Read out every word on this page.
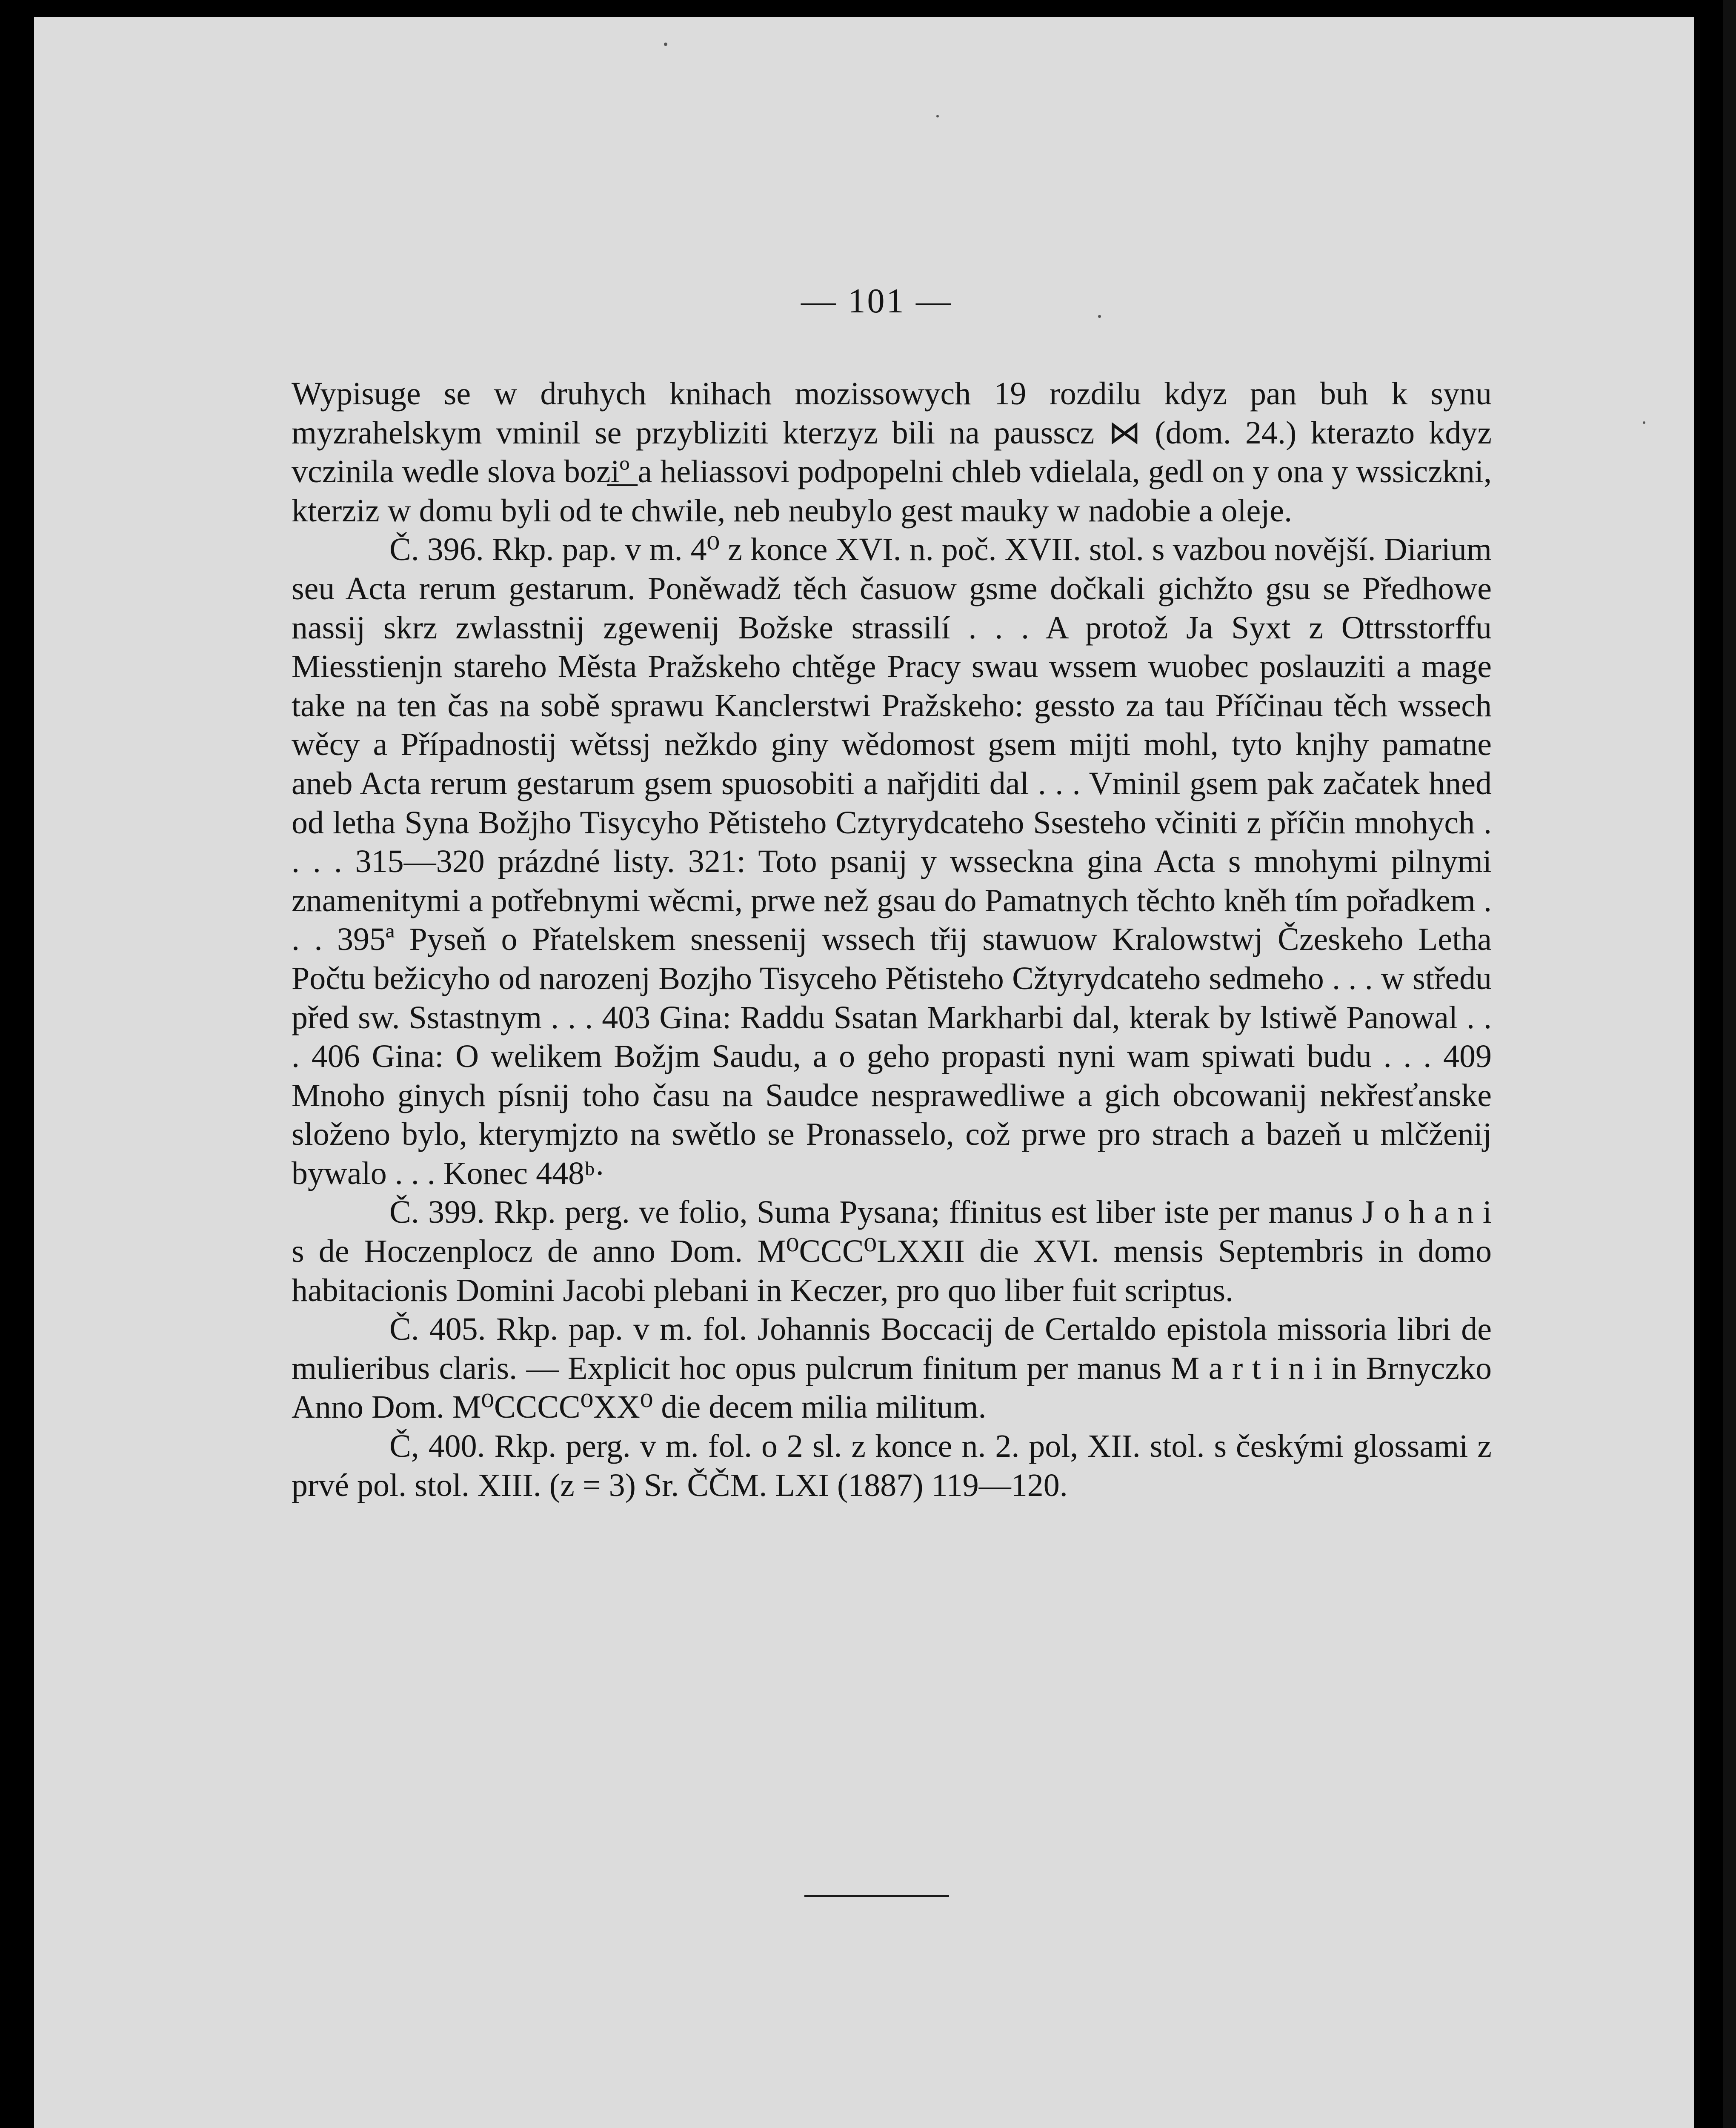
— 101 —

Wypisuge se w druhych knihach mozissowych 19 rozdilu kdyz pan buh k synu myzrahelskym vminil se przybliziti kterzyz bili na pausscz ⋈ (dom. 24.) kterazto kdyz vczinila wedle slova bozi̲º̲ a heliassovi podpopelni chleb vdielala, gedl on y ona y wssiczkni, kterziz w domu byli od te chwile, neb neubylo gest mauky w nadobie a oleje.

Č. 396. Rkp. pap. v m. 4⁰ z konce XVI. n. poč. XVII. stol. s vazbou novější. Diarium seu Acta rerum gestarum. Poněwadž těch časuow gsme dočkali gichžto gsu se Předhowe nassij skrz zwlasstnij zgewenij Božske strassilí . . . A protož Ja Syxt z Ottrsstorffu Miesstienjn stareho Města Pražskeho chtěge Pracy swau wssem wuobec poslauziti a mage take na ten čas na sobě sprawu Kanclerstwi Pražskeho: gessto za tau Příčinau těch wssech wěcy a Případnostij wětssj nežkdo giny wědomost gsem mijti mohl, tyto knjhy pamatne aneb Acta rerum gestarum gsem spuosobiti a nařjditi dal . . . Vminil gsem pak začatek hned od letha Syna Božjho Tisycyho Pětisteho Cztyrydcateho Ssesteho včiniti z příčin mnohych . . . . 315—320 prázdné listy. 321: Toto psanij y wsseckna gina Acta s mnohymi pilnymi znamenitymi a potřebnymi wěcmi, prwe než gsau do Pamatnych těchto kněh tím pořadkem . . . 395ª Pyseň o Přatelskem snessenij wssech třij stawuow Kralowstwj Čzeskeho Letha Počtu bežicyho od narozenj Bozjho Tisyceho Pětisteho Cžtyrydcateho sedmeho . . . w středu před sw. Sstastnym . . . 403 Gina: Raddu Ssatan Markharbi dal, kterak by lstiwě Panowal . . . 406 Gina: O welikem Božjm Saudu, a o geho propasti nyni wam spiwati budu . . . 409 Mnoho ginych písnij toho času na Saudce nesprawedliwe a gich obcowanij nekřesťanske složeno bylo, kterymjzto na swětlo se Pronasselo, což prwe pro strach a bazeň u mlčženij bywalo . . . Konec 448ᵇ·

Č. 399. Rkp. perg. ve folio, Suma Pysana; ffinitus est liber iste per manus J o h a n i s de Hoczenplocz de anno Dom. M⁰CCC⁰LXXII die XVI. mensis Septembris in domo habitacionis Domini Jacobi plebani in Keczer, pro quo liber fuit scriptus.

Č. 405. Rkp. pap. v m. fol. Johannis Boccacij de Certaldo epistola missoria libri de mulieribus claris. — Explicit hoc opus pulcrum finitum per manus M a r t i n i in Brnyczko Anno Dom. M⁰CCCC⁰XX⁰ die decem milia militum.

Č, 400. Rkp. perg. v m. fol. o 2 sl. z konce n. 2. pol, XII. stol. s českými glossami z prvé pol. stol. XIII. (z = 3) Sr. ČČM. LXI (1887) 119—120.
